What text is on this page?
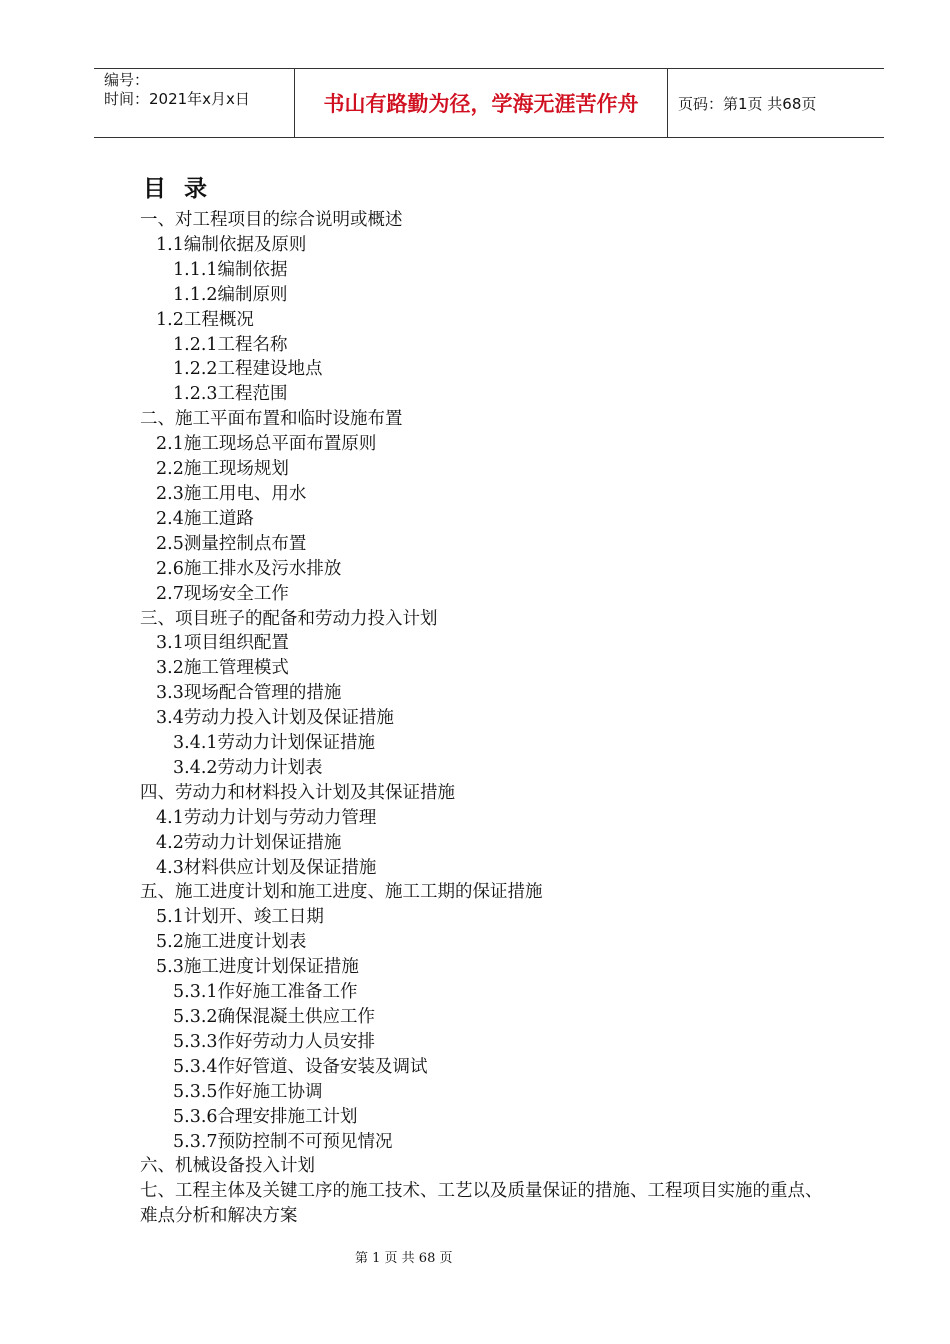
编号：
时间：2021年x月x日	书山有路勤为径，学海无涯苦作舟	页码：第1页 共68页
目录
一、对工程项目的综合说明或概述
1.1编制依据及原则
1.1.1编制依据
1.1.2编制原则
1.2工程概况
1.2.1工程名称
1.2.2工程建设地点
1.2.3工程范围
二、施工平面布置和临时设施布置
2.1施工现场总平面布置原则
2.2施工现场规划
2.3施工用电、用水
2.4施工道路
2.5测量控制点布置
2.6施工排水及污水排放
2.7现场安全工作
三、项目班子的配备和劳动力投入计划
3.1项目组织配置
3.2施工管理模式
3.3现场配合管理的措施
3.4劳动力投入计划及保证措施
3.4.1劳动力计划保证措施
3.4.2劳动力计划表
四、劳动力和材料投入计划及其保证措施
4.1劳动力计划与劳动力管理
4.2劳动力计划保证措施
4.3材料供应计划及保证措施
五、施工进度计划和施工进度、施工工期的保证措施
5.1计划开、竣工日期
5.2施工进度计划表
5.3施工进度计划保证措施
5.3.1作好施工准备工作
5.3.2确保混凝土供应工作
5.3.3作好劳动力人员安排
5.3.4作好管道、设备安装及调试
5.3.5作好施工协调
5.3.6合理安排施工计划
5.3.7预防控制不可预见情况
六、机械设备投入计划
七、工程主体及关键工序的施工技术、工艺以及质量保证的措施、工程项目实施的重点、难点分析和解决方案
第 1 页 共 68 页
